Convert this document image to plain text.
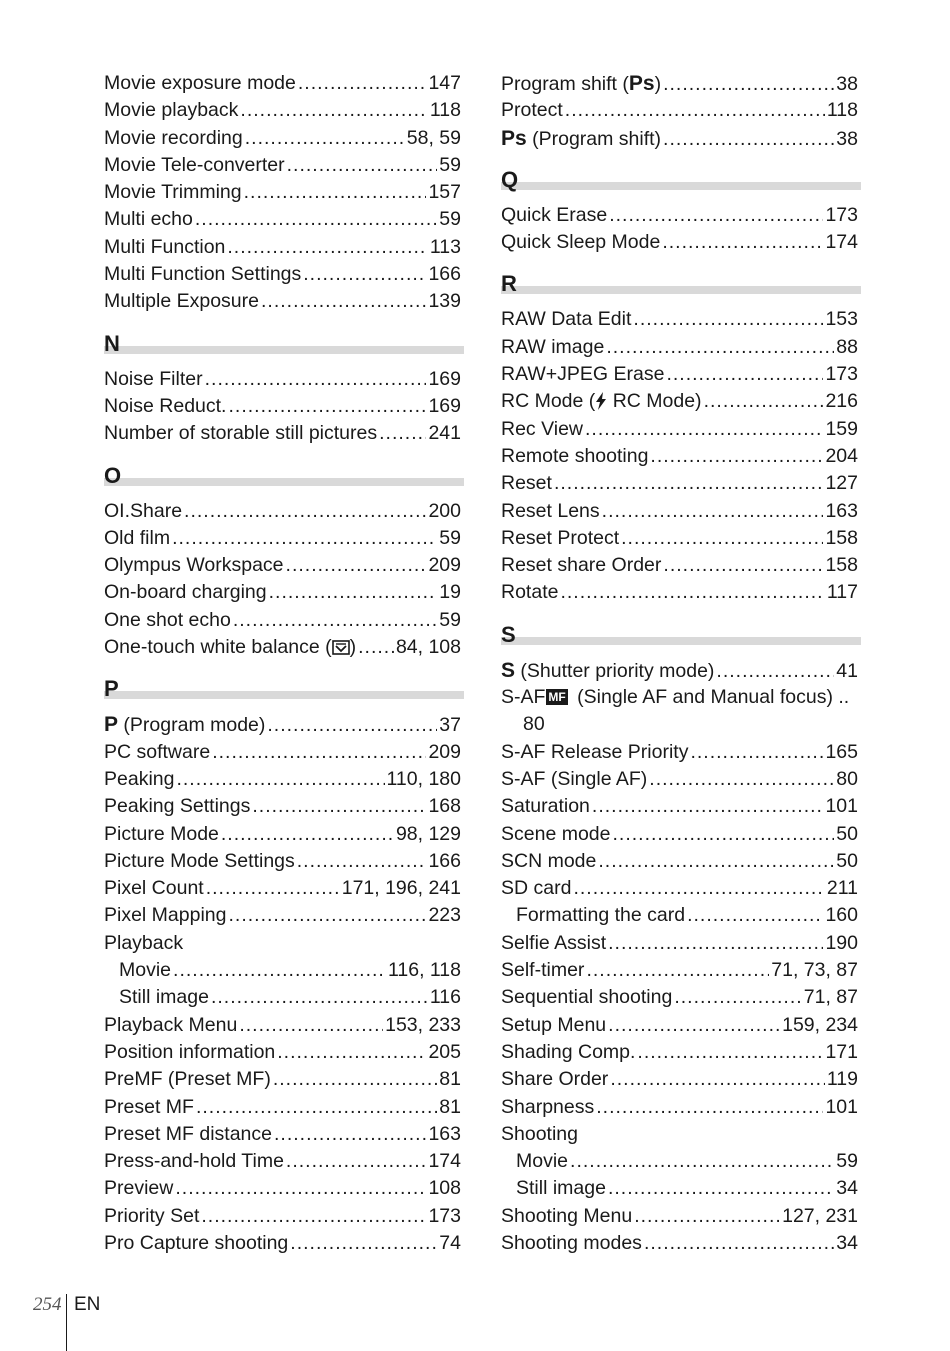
Movie exposure mode .....	147
Movie playback .....	118
Movie recording .....	58, 59
Movie Tele-converter .....	59
Movie Trimming .....	157
Multi echo .....	59
Multi Function .....	113
Multi Function Settings .....	166
Multiple Exposure .....	139
N
Noise Filter .....	169
Noise Reduct. .....	169
Number of storable still pictures .....	241
O
OI.Share .....	200
Old film .....	59
Olympus Workspace .....	209
On-board charging .....	19
One shot echo .....	59
One-touch white balance ( ) ..... 84, 108
P
P (Program mode) .....	37
PC software .....	209
Peaking .....	110, 180
Peaking Settings .....	168
Picture Mode .....	98, 129
Picture Mode Settings .....	166
Pixel Count .....	171, 196, 241
Pixel Mapping .....	223
Playback
Movie .....	116, 118
Still image .....	116
Playback Menu .....	153, 233
Position information .....	205
PreMF (Preset MF) .....	81
Preset MF .....	81
Preset MF distance .....	163
Press-and-hold Time .....	174
Preview .....	108
Priority Set .....	173
Pro Capture shooting .....	74
Program shift (Ps) .....	38
Protect .....	118
Ps (Program shift) .....	38
Q
Quick Erase .....	173
Quick Sleep Mode .....	174
R
RAW Data Edit .....	153
RAW image .....	88
RAW+JPEG Erase .....	173
RC Mode ( RC Mode) .....	216
Rec View .....	159
Remote shooting .....	204
Reset .....	127
Reset Lens .....	163
Reset Protect .....	158
Reset share Order .....	158
Rotate .....	117
S
S (Shutter priority mode) .....	41
S-AF MF (Single AF and Manual focus) ..
80
S-AF Release Priority .....	165
S-AF (Single AF) .....	80
Saturation .....	101
Scene mode .....	50
SCN mode .....	50
SD card .....	211
Formatting the card .....	160
Selfie Assist .....	190
Self-timer .....	71, 73, 87
Sequential shooting .....	71, 87
Setup Menu .....	159, 234
Shading Comp. .....	171
Share Order .....	119
Sharpness .....	101
Shooting
Movie .....	59
Still image .....	34
Shooting Menu .....	127, 231
Shooting modes .....	34
254 EN
